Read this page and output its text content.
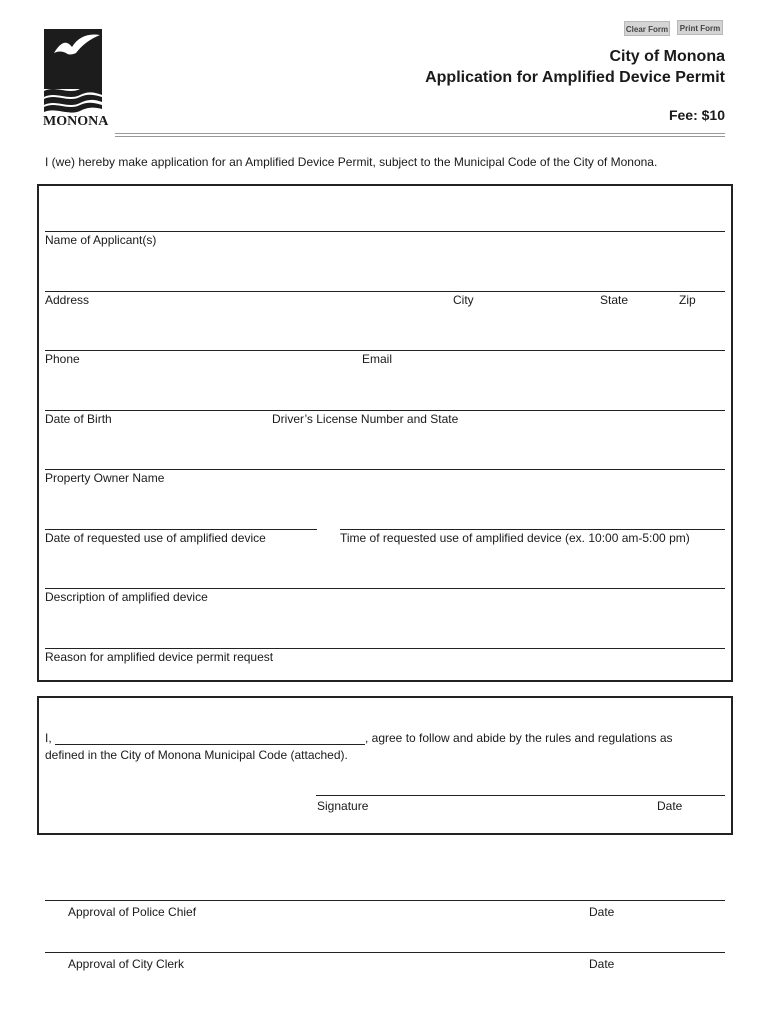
Clear Form	Print Form
MONONA
City of Monona
Application for Amplified Device Permit
Fee: $10
I (we) hereby make application for an Amplified Device Permit, subject to the Municipal Code of the City of Monona.
Name of Applicant(s)
Address	City	State	Zip
Phone	Email
Date of Birth	Driver’s License Number and State
Property Owner Name
Date of requested use of amplified device	Time of requested use of amplified device (ex. 10:00 am-5:00 pm)
Description of amplified device
Reason for amplified device permit request
I,	, agree to follow and abide by the rules and regulations as
defined in the City of Monona Municipal Code (attached).
Signature	Date
Approval of Police Chief	Date
Approval of City Clerk	Date
